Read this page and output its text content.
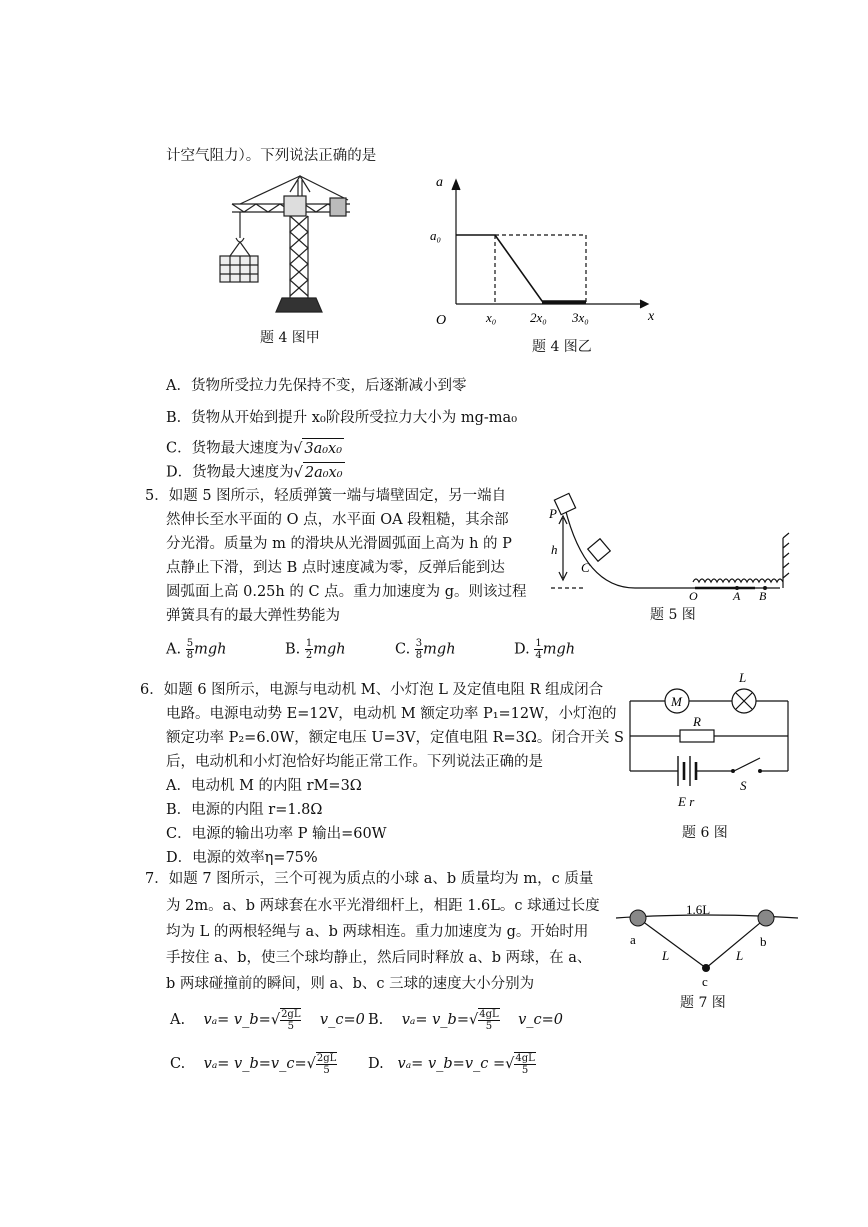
计空气阻力）。下列说法正确的是
题 4 图甲
a
x
O
a₀
x₀	2x₀ 3x₀
题 4 图乙
A．货物所受拉力先保持不变，后逐渐减小到零
B．货物从开始到提升 x₀阶段所受拉力大小为 mg-ma₀
C．货物最大速度为√ 3a₀x₀
D．货物最大速度为√ 2a₀x₀
5．如题 5 图所示，轻质弹簧一端与墙壁固定，另一端自
然伸长至水平面的 O 点，水平面 OA 段粗糙，其余部
分光滑。质量为 m 的滑块从光滑圆弧面上高为 h 的 P
点静止下滑，到达 B 点时速度减为零，反弹后能到达
圆弧面上高 0.25h 的 C 点。重力加速度为 g。则该过程
弹簧具有的最大弹性势能为
A. $\frac{5}{8}$ mgh	B. $\frac{1}{2}$ mgh	C. $\frac{3}{8}$ mgh	D. $\frac{1}{4}$ mgh
P
h
C
O	A B
题 5 图
6．如题 6 图所示，电源与电动机 M、小灯泡 L 及定值电阻 R 组成闭合
电路。电源电动势 E=12V，电动机 M 额定功率 P₁=12W，小灯泡的
额定功率 P₂=6.0W，额定电压 U=3V，定值电阻 R=3Ω。闭合开关 S
后，电动机和小灯泡恰好均能正常工作。下列说法正确的是
A．电动机 M 的内阻 rM=3Ω
B．电源的内阻 r=1.8Ω
C．电源的输出功率 P 输出=60W
D．电源的效率η=75%
M
L
R
E r
S
题 6 图
7．如题 7 图所示，三个可视为质点的小球 a、b 质量均为 m，c 质量
为 2m。a、b 两球套在水平光滑细杆上，相距 1.6L。c 球通过长度
均为 L 的两根轻绳与 a、b 两球相连。重力加速度为 g。开始时用
手按住 a、b，使三个球均静止，然后同时释放 a、b 两球，在 a、
b 两球碰撞前的瞬间，则 a、b、c 三球的速度大小分别为
A. vₐ= v_b=√ $\frac{2gL}{5}$ v_c=0 B. vₐ= v_b=√ $\frac{4gL}{5}$ v_c=0
C. vₐ= v_b=v_c=√ $\frac{2gL}{5} D$. vₐ= v_b=v_c =√ $\frac{4gL}{5}$
1.6L
a	b
c
L	L
题 7 图
